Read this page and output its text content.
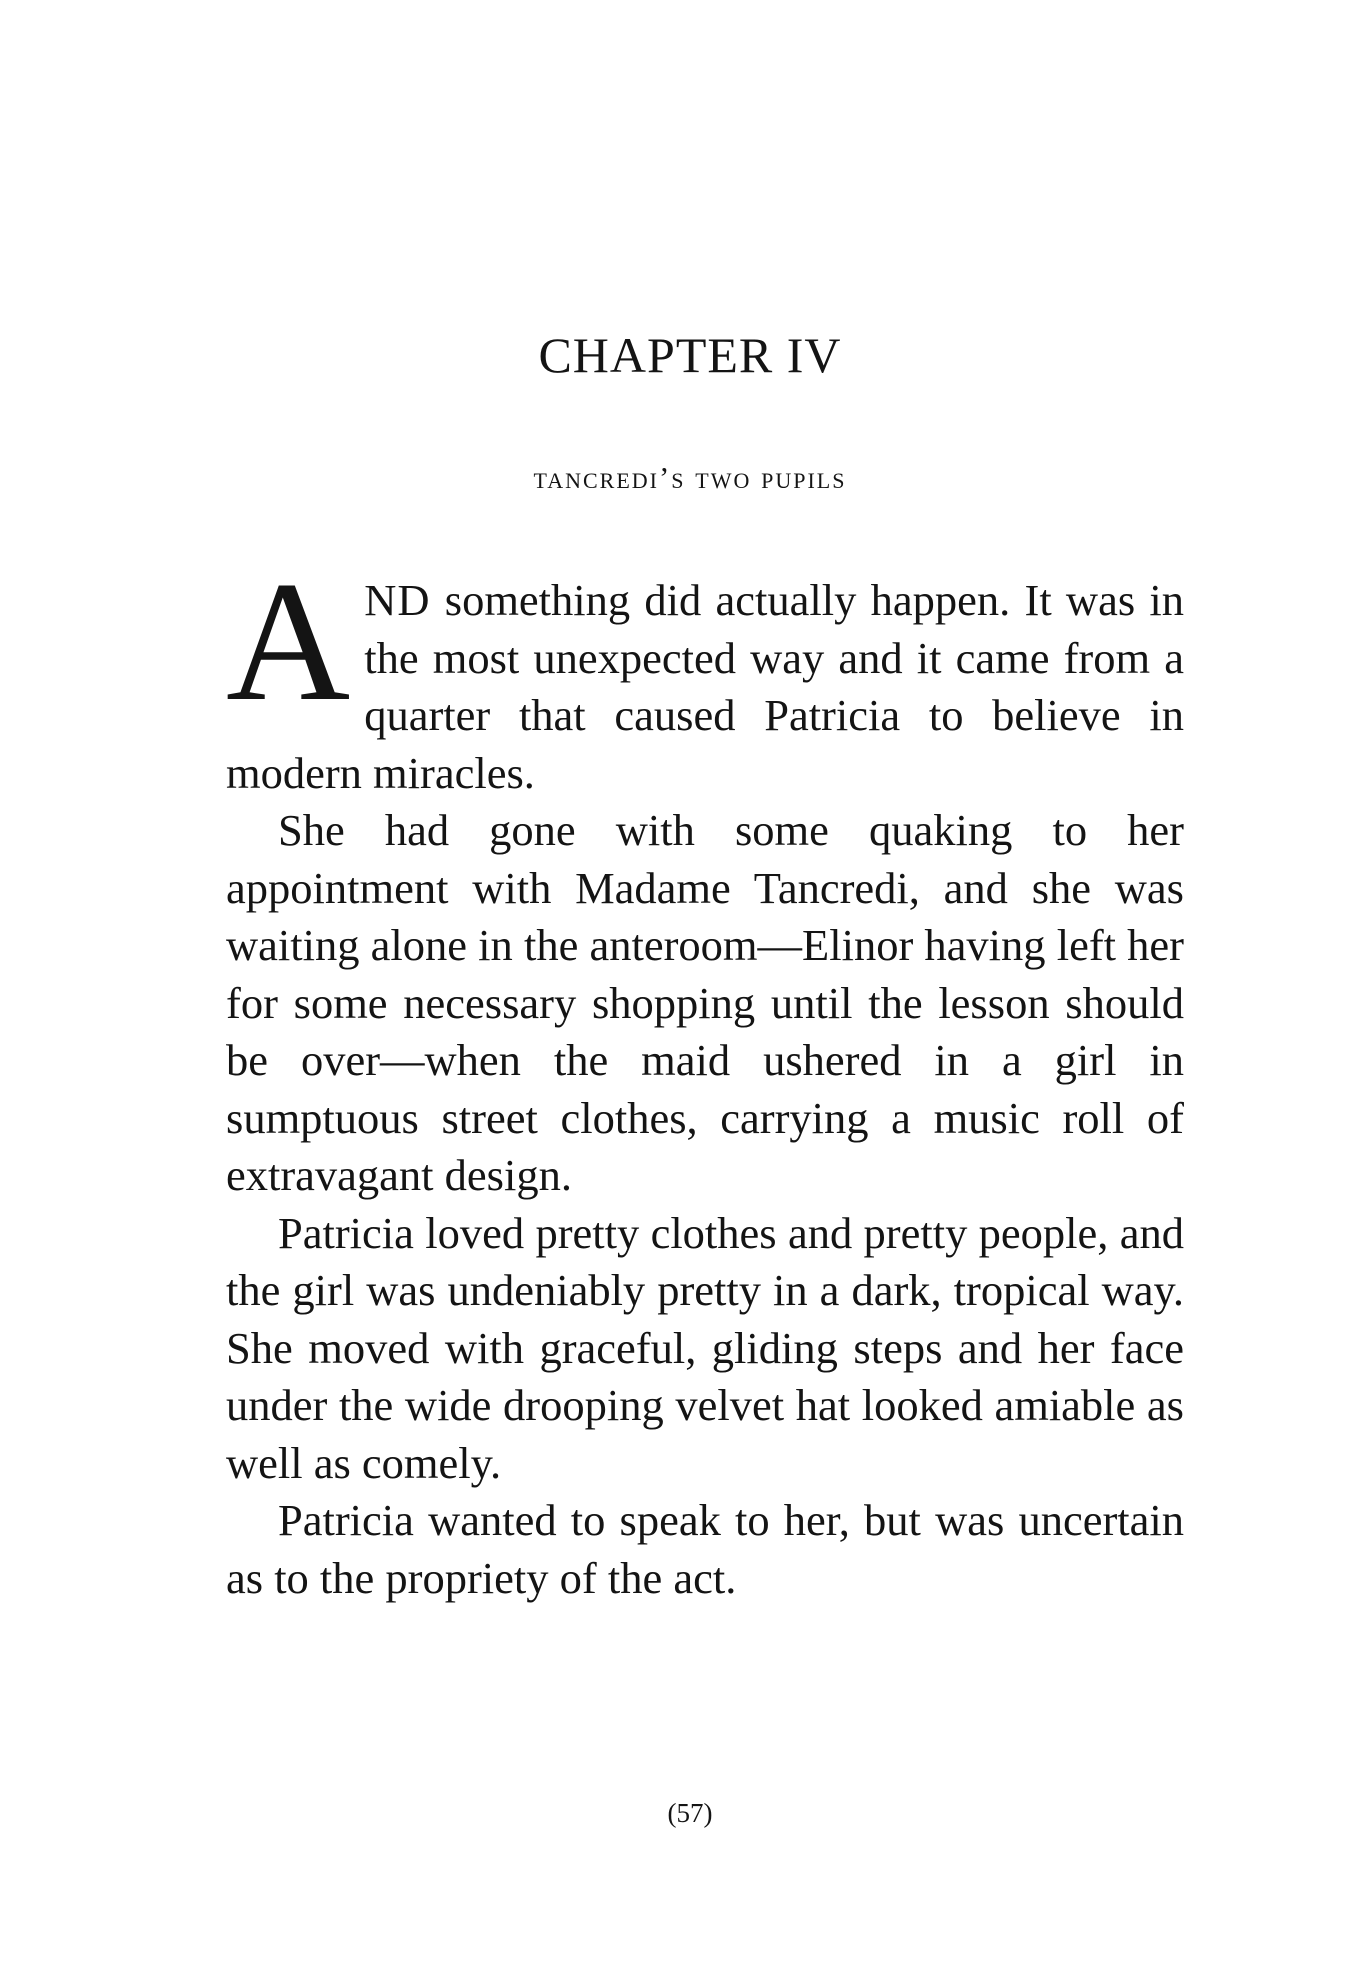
CHAPTER IV
tancredi’s two pupils

AND something did actually happen. It was in the most unexpected way and it came from a quarter that caused Patricia to believe in modern miracles.

She had gone with some quaking to her appointment with Madame Tancredi, and she was waiting alone in the anteroom—Elinor having left her for some necessary shopping until the lesson should be over—when the maid ushered in a girl in sumptuous street clothes, carrying a music roll of extravagant design.

Patricia loved pretty clothes and pretty people, and the girl was undeniably pretty in a dark, tropical way. She moved with graceful, gliding steps and her face under the wide drooping velvet hat looked amiable as well as comely.

Patricia wanted to speak to her, but was uncertain as to the propriety of the act.

(57)
